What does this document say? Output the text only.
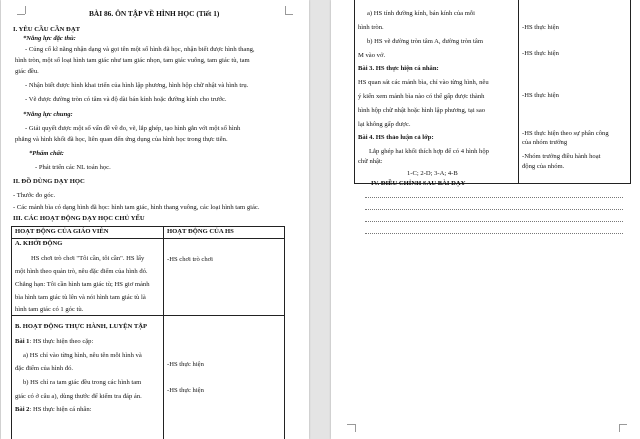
BÀI 86. ÔN TẬP VỀ HÌNH HỌC (Tiết 1)
I. YÊU CẦU CẦN ĐẠT
*Năng lực đặc thù:
- Củng cố kĩ năng nhận dạng và gọi tên một số hình đã học, nhận biết được hình thang,
hình tròn, một số loại hình tam giác như tam giác nhọn, tam giác vuông, tam giác tù, tam
giác đều.
- Nhận biết được hình khai triển của hình lập phương, hình hộp chữ nhật và hình trụ.
- Vẽ được đường tròn có tâm và độ dài bán kính hoặc đường kính cho trước.
*Năng lực chung:
- Giải quyết được một số vấn đề về đo, vẽ, lắp ghép, tạo hình gắn với một số hình
phẳng và hình khối đã học, liên quan đến ứng dụng của hình học trong thực tiễn.
*Phẩm chất:
- Phát triển các NL toán học.
II. ĐỒ DÙNG DẠY HỌC
- Thước đo góc.
- Các mảnh bìa có dạng hình đã học: hình tam giác, hình thang vuông, các loại hình tam giác.
III. CÁC HOẠT ĐỘNG DẠY HỌC CHỦ YẾU
HOẠT ĐỘNG CỦA GIÁO VIÊN	HOẠT ĐỘNG CỦA HS
A. KHỞI ĐỘNG
HS chơi trò chơi "Tôi cần, tôi cần". HS lấy
một hình theo quản trò, nêu đặc điểm của hình đó.
Chẳng hạn: Tôi cần hình tam giác tù; HS giơ mảnh
bìa hình tam giác tù lên và nói hình tam giác tù là
hình tam giác có 1 góc tù.
-HS chơi trò chơi
B. HOẠT ĐỘNG THỰC HÀNH, LUYỆN TẬP
Bài 1: HS thực hiện theo cặp:
a) HS chỉ vào từng hình, nêu tên mỗi hình và
đặc điểm của hình đó.
b) HS chỉ ra tam giác đều trong các hình tam
giác có ở câu a), dùng thước để kiểm tra đáp án.
Bài 2: HS thực hiện cá nhân:
-HS thực hiện
-HS thực hiện
a) HS tính đường kính, bán kính của mỗi
hình tròn.
b) HS vẽ đường tròn tâm A, đường tròn tâm
M vào vở.
-HS thực hiện
-HS thực hiện
Bài 3. HS thực hiện cá nhân:
HS quan sát các mảnh bìa, chỉ vào từng hình, nêu
ý kiến xem mảnh bìa nào có thể gấp được thành
hình hộp chữ nhật hoặc hình lập phương, tại sao
lại không gấp được.
-HS thực hiện
Bài 4. HS thảo luận cả lớp:
Lắp ghép hai khối thích hợp để có 4 hình hộp
chữ nhật:
1-C; 2-D; 3-A; 4-B
-HS thực hiện theo sự phân công
của nhóm trưởng
-Nhóm trưởng điều hành hoạt
động của nhóm.
IV. ĐIỀU CHỈNH SAU BÀI DẠY
